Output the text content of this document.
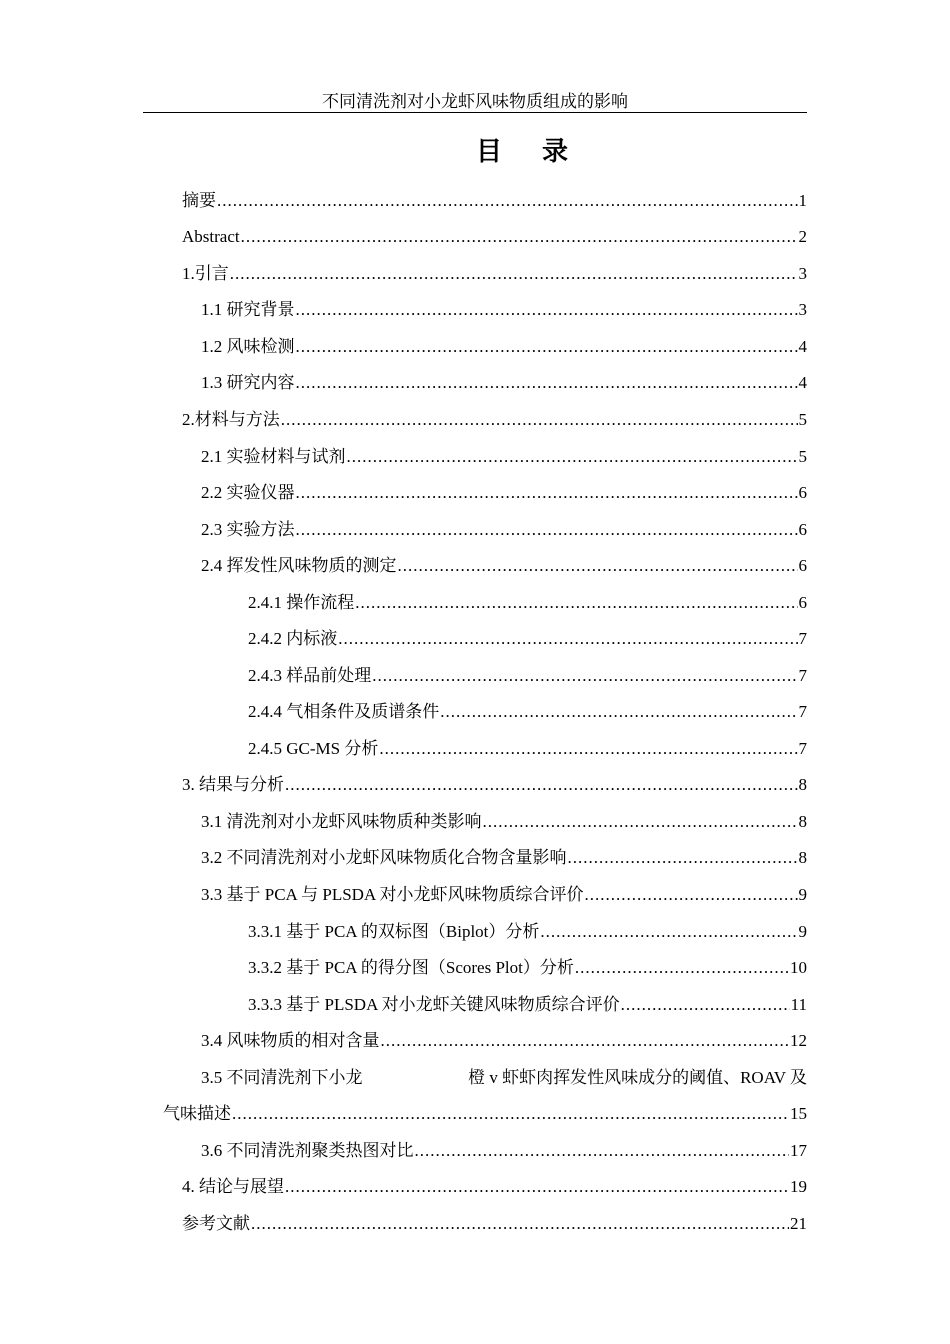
不同清洗剂对小龙虾风味物质组成的影响
目 录
摘要 .....	1
Abstract .....	2
1.引言 .....	3
1.1 研究背景 .....	3
1.2 风味检测 .....	4
1.3 研究内容 .....	4
2.材料与方法 .....	5
2.1 实验材料与试剂 .....	5
2.2 实验仪器 .....	6
2.3 实验方法 .....	6
2.4 挥发性风味物质的测定 .....	6
2.4.1 操作流程 .....	6
2.4.2 内标液 .....	7
2.4.3 样品前处理 .....	7
2.4.4 气相条件及质谱条件 .....	7
2.4.5 GC-MS 分析 .....	7
3. 结果与分析 .....	8
3.1 清洗剂对小龙虾风味物质种类影响 .....	8
3.2 不同清洗剂对小龙虾风味物质化合物含量影响 .....	8
3.3 基于 PCA 与 PLSDA 对小龙虾风味物质综合评价 .....	9
3.3.1 基于 PCA 的双标图（Biplot）分析 .....	9
3.3.2 基于 PCA 的得分图（Scores Plot）分析 .....	10
3.3.3 基于 PLSDA 对小龙虾关键风味物质综合评价 .....	11
3.4 风味物质的相对含量 .....	12
3.5 不同清洗剂下小龙	橙 v 虾虾肉挥发性风味成分的阈值、ROAV 及
气味描述 .....	15
3.6 不同清洗剂聚类热图对比 .....	17
4. 结论与展望 .....	19
参考文献 .....	21
